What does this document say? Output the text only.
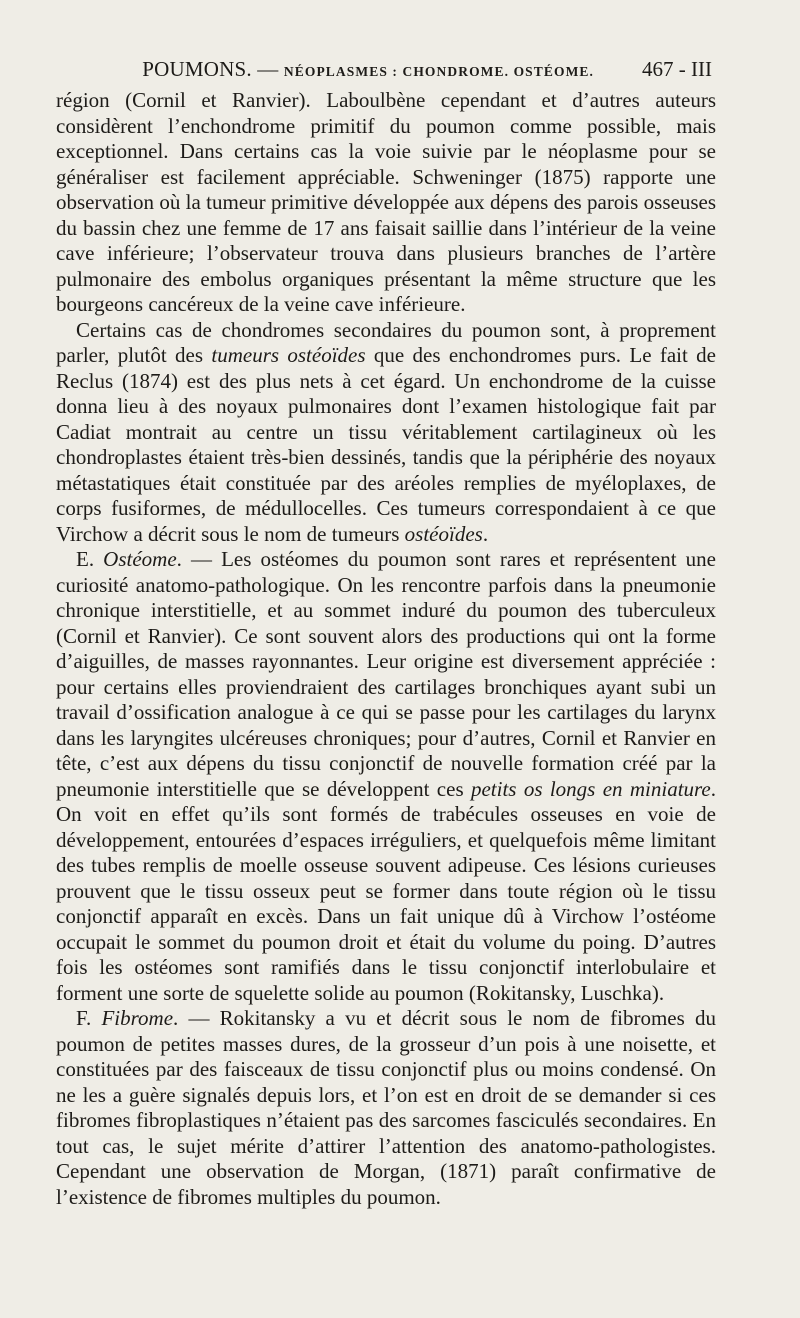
POUMONS. — NÉOPLASMES : CHONDROME. OSTÉOME. 467 - III

région (Cornil et Ranvier). Laboulbène cependant et d’autres auteurs considèrent l’enchondrome primitif du poumon comme possible, mais exceptionnel. Dans certains cas la voie suivie par le néoplasme pour se généraliser est facilement appréciable. Schweninger (1875) rapporte une observation où la tumeur primitive développée aux dépens des parois osseuses du bassin chez une femme de 17 ans faisait saillie dans l’intérieur de la veine cave inférieure; l’observateur trouva dans plusieurs branches de l’artère pulmonaire des embolus organiques présentant la même structure que les bourgeons cancéreux de la veine cave inférieure.

Certains cas de chondromes secondaires du poumon sont, à proprement parler, plutôt des tumeurs ostéoïdes que des enchondromes purs. Le fait de Reclus (1874) est des plus nets à cet égard. Un enchondrome de la cuisse donna lieu à des noyaux pulmonaires dont l’examen histologique fait par Cadiat montrait au centre un tissu véritablement cartilagineux où les chondroplastes étaient très-bien dessinés, tandis que la périphérie des noyaux métastatiques était constituée par des aréoles remplies de myéloplaxes, de corps fusiformes, de médullocelles. Ces tumeurs correspondaient à ce que Virchow a décrit sous le nom de tumeurs ostéoïdes.

E. Ostéome. — Les ostéomes du poumon sont rares et représentent une curiosité anatomo-pathologique. On les rencontre parfois dans la pneumonie chronique interstitielle, et au sommet induré du poumon des tuberculeux (Cornil et Ranvier). Ce sont souvent alors des productions qui ont la forme d’aiguilles, de masses rayonnantes. Leur origine est diversement appréciée : pour certains elles proviendraient des cartilages bronchiques ayant subi un travail d’ossification analogue à ce qui se passe pour les cartilages du larynx dans les laryngites ulcéreuses chroniques; pour d’autres, Cornil et Ranvier en tête, c’est aux dépens du tissu conjonctif de nouvelle formation créé par la pneumonie interstitielle que se développent ces petits os longs en miniature. On voit en effet qu’ils sont formés de trabécules osseuses en voie de développement, entourées d’espaces irréguliers, et quelquefois même limitant des tubes remplis de moelle osseuse souvent adipeuse. Ces lésions curieuses prouvent que le tissu osseux peut se former dans toute région où le tissu conjonctif apparaît en excès. Dans un fait unique dû à Virchow l’ostéome occupait le sommet du poumon droit et était du volume du poing. D’autres fois les ostéomes sont ramifiés dans le tissu conjonctif interlobulaire et forment une sorte de squelette solide au poumon (Rokitansky, Luschka).

F. Fibrome. — Rokitansky a vu et décrit sous le nom de fibromes du poumon de petites masses dures, de la grosseur d’un pois à une noisette, et constituées par des faisceaux de tissu conjonctif plus ou moins condensé. On ne les a guère signalés depuis lors, et l’on est en droit de se demander si ces fibromes fibroplastiques n’étaient pas des sarcomes fasciculés secondaires. En tout cas, le sujet mérite d’attirer l’attention des anatomo-pathologistes. Cependant une observation de Morgan, (1871) paraît confirmative de l’existence de fibromes multiples du poumon.
